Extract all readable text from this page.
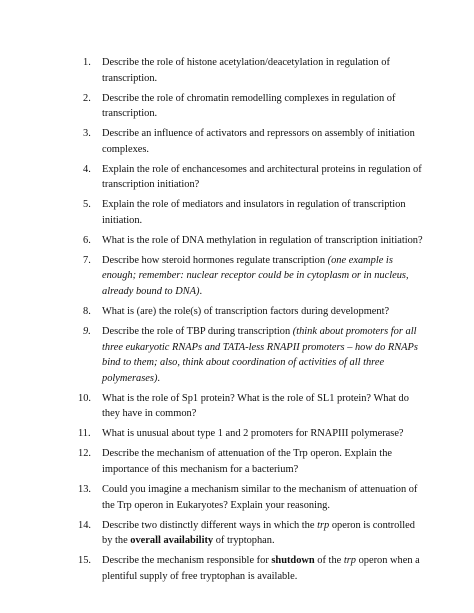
1. Describe the role of histone acetylation/deacetylation in regulation of transcription.
2. Describe the role of chromatin remodelling complexes in regulation of transcription.
3. Describe an influence of activators and repressors on assembly of initiation complexes.
4. Explain the role of enchancesomes and architectural proteins in regulation of transcription initiation?
5. Explain the role of mediators and insulators in regulation of transcription initiation.
6. What is the role of DNA methylation in regulation of transcription initiation?
7. Describe how steroid hormones regulate transcription (one example is enough; remember: nuclear receptor could be in cytoplasm or in nucleus, already bound to DNA).
8. What is (are) the role(s) of transcription factors during development?
9. Describe the role of TBP during transcription (think about promoters for all three eukaryotic RNAPs and TATA-less RNAPII promoters – how do RNAPs bind to them; also, think about coordination of activities of all three polymerases).
10. What is the role of Sp1 protein? What is the role of SL1 protein? What do they have in common?
11. What is unusual about type 1 and 2 promoters for RNAPIII polymerase?
12. Describe the mechanism of attenuation of the Trp operon. Explain the importance of this mechanism for a bacterium?
13. Could you imagine a mechanism similar to the mechanism of attenuation of the Trp operon in Eukaryotes? Explain your reasoning.
14. Describe two distinctly different ways in which the trp operon is controlled by the overall availability of tryptophan.
15. Describe the mechanism responsible for shutdown of the trp operon when a plentiful supply of free tryptophan is available.
